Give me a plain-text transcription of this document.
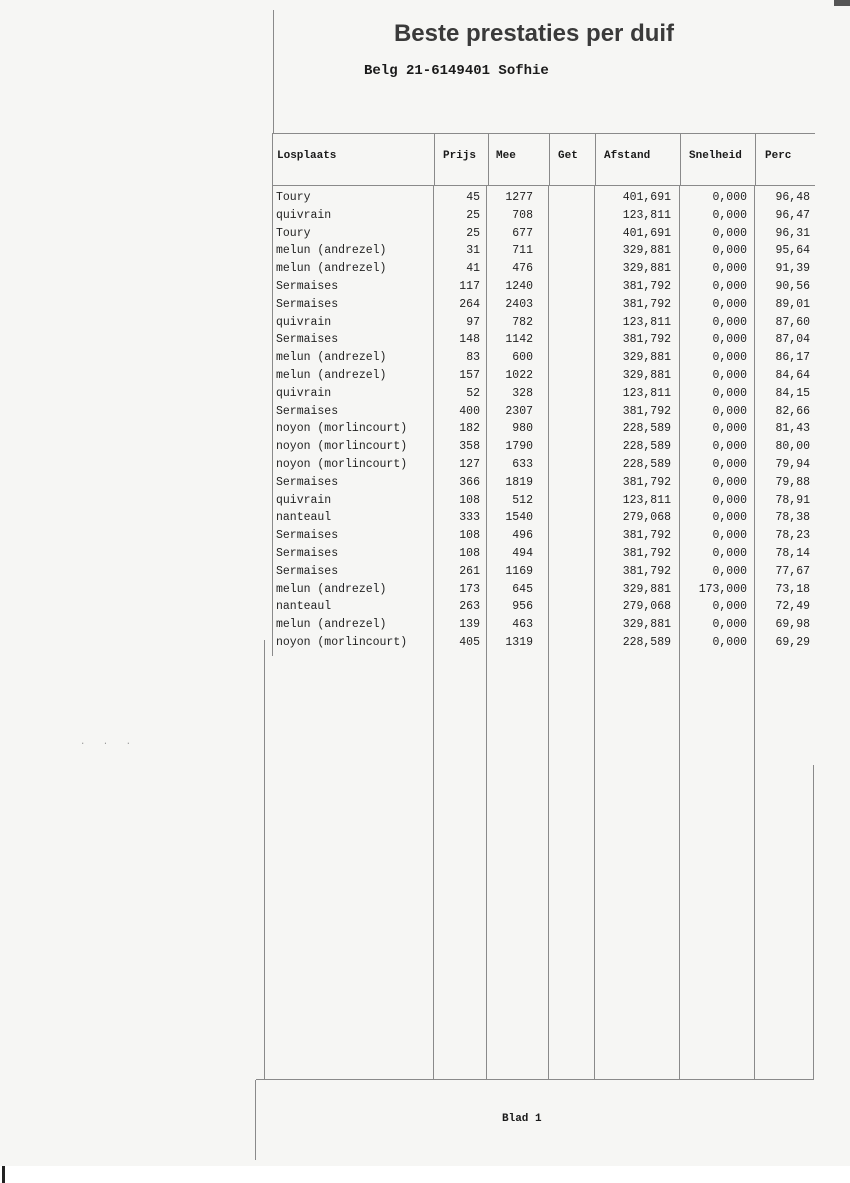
. . .
Beste prestaties per duif
Belg 21-6149401 Sofhie
Losplaats	Prijs Mee	Get Afstand	Snelheid Perc
Toury	45 1277	401,691	0,000 96,48
quivrain	25	708	123,811	0,000 96,47
Toury	25	677	401,691	0,000 96,31
melun (andrezel)	31	711	329,881	0,000 95,64
melun (andrezel)	41	476	329,881	0,000 91,39
Sermaises	117 1240	381,792	0,000 90,56
Sermaises	264 2403	381,792	0,000 89,01
quivrain	97	782	123,811	0,000 87,60
Sermaises	148 1142	381,792	0,000 87,04
melun (andrezel)	83	600	329,881	0,000 86,17
melun (andrezel)	157 1022	329,881	0,000 84,64
quivrain	52	328	123,811	0,000 84,15
Sermaises	400 2307	381,792	0,000 82,66
noyon (morlincourt)	182	980	228,589	0,000 81,43
noyon (morlincourt)	358 1790	228,589	0,000 80,00
noyon (morlincourt)	127	633	228,589	0,000 79,94
Sermaises	366 1819	381,792	0,000 79,88
quivrain	108	512	123,811	0,000 78,91
nanteaul	333 1540	279,068	0,000 78,38
Sermaises	108	496	381,792	0,000 78,23
Sermaises	108	494	381,792	0,000 78,14
Sermaises	261 1169	381,792	0,000 77,67
melun (andrezel)	173	645	329,881 173,000 73,18
nanteaul	263	956	279,068	0,000 72,49
melun (andrezel)	139	463	329,881	0,000 69,98
noyon (morlincourt)	405 1319	228,589	0,000 69,29
Blad 1
